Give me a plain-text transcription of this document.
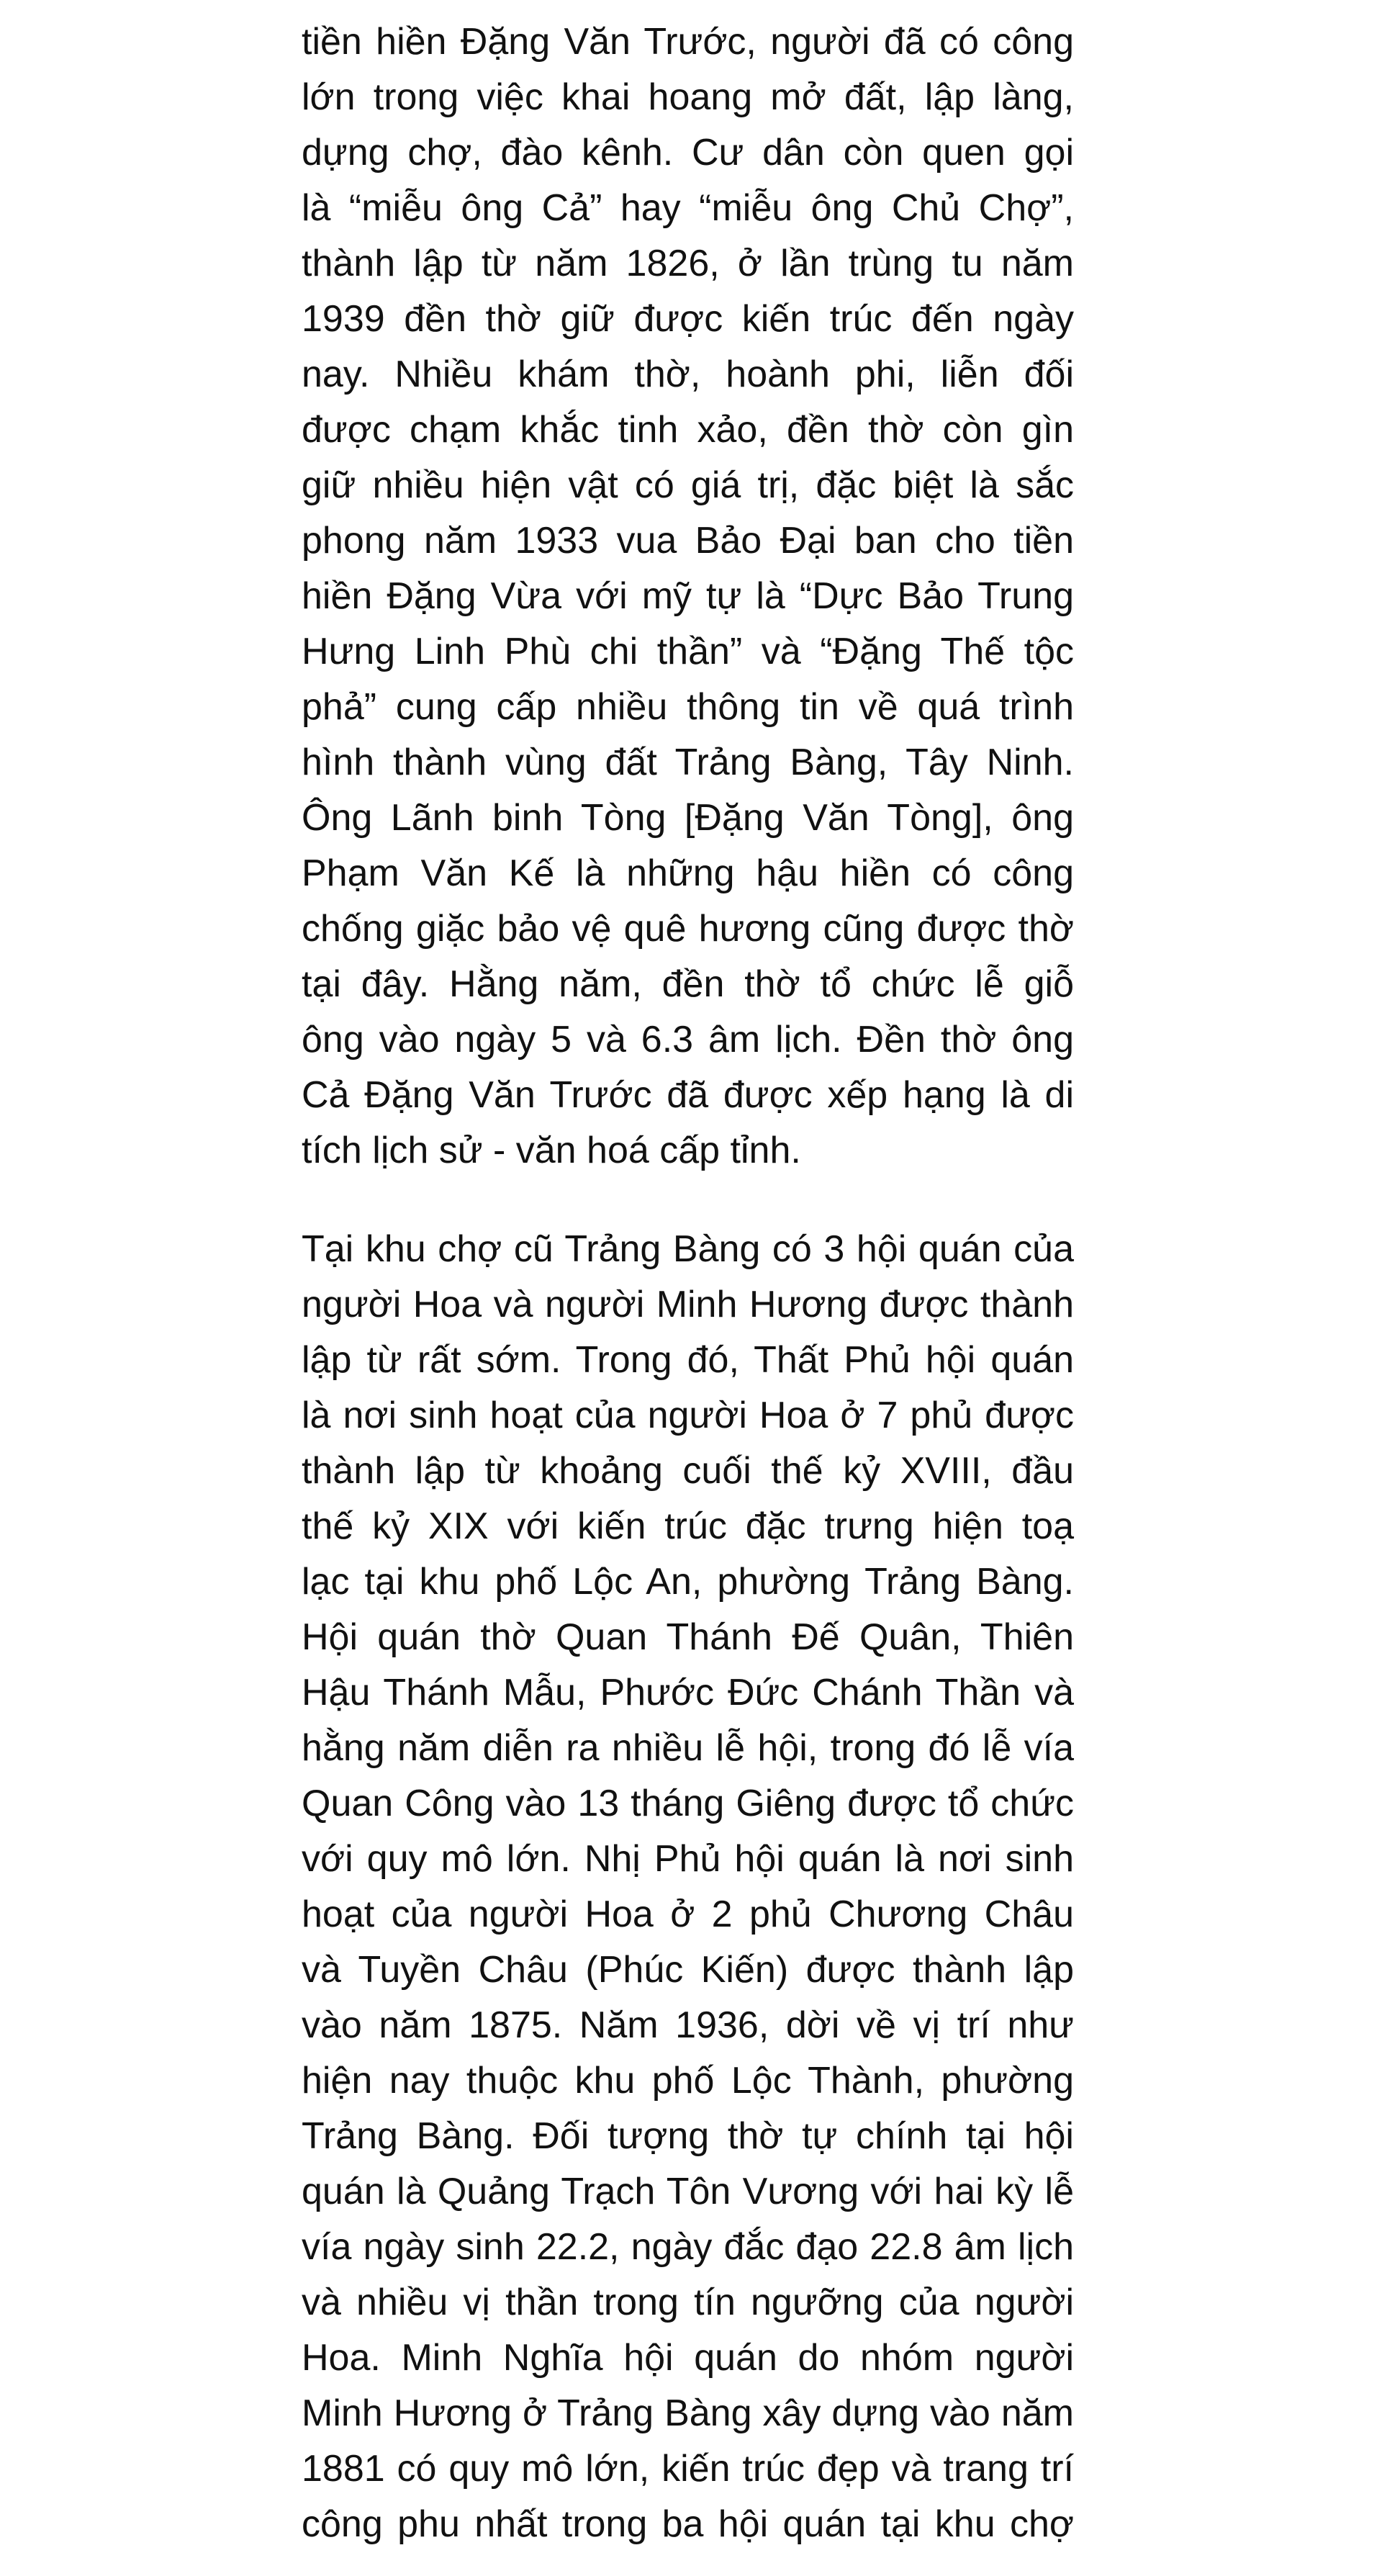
tiền hiền Đặng Văn Trước, người đã có công
lớn trong việc khai hoang mở đất, lập làng,
dựng chợ, đào kênh. Cư dân còn quen gọi
là “miễu ông Cả” hay “miễu ông Chủ Chợ”,
thành lập từ năm 1826, ở lần trùng tu năm
1939 đền thờ giữ được kiến trúc đến ngày
nay. Nhiều khám thờ, hoành phi, liễn đối
được chạm khắc tinh xảo, đền thờ còn gìn
giữ nhiều hiện vật có giá trị, đặc biệt là sắc
phong năm 1933 vua Bảo Đại ban cho tiền
hiền Đặng Vừa với mỹ tự là “Dực Bảo Trung
Hưng Linh Phù chi thần” và “Đặng Thế tộc
phả” cung cấp nhiều thông tin về quá trình
hình thành vùng đất Trảng Bàng, Tây Ninh.
Ông Lãnh binh Tòng [Đặng Văn Tòng], ông
Phạm Văn Kế là những hậu hiền có công
chống giặc bảo vệ quê hương cũng được thờ
tại đây. Hằng năm, đền thờ tổ chức lễ giỗ
ông vào ngày 5 và 6.3 âm lịch. Đền thờ ông
Cả Đặng Văn Trước đã được xếp hạng là di
tích lịch sử - văn hoá cấp tỉnh.
Tại khu chợ cũ Trảng Bàng có 3 hội quán của
người Hoa và người Minh Hương được thành
lập từ rất sớm. Trong đó, Thất Phủ hội quán
là nơi sinh hoạt của người Hoa ở 7 phủ được
thành lập từ khoảng cuối thế kỷ XVIII, đầu
thế kỷ XIX với kiến trúc đặc trưng hiện toạ
lạc tại khu phố Lộc An, phường Trảng Bàng.
Hội quán thờ Quan Thánh Đế Quân, Thiên
Hậu Thánh Mẫu, Phước Đức Chánh Thần và
hằng năm diễn ra nhiều lễ hội, trong đó lễ vía
Quan Công vào 13 tháng Giêng được tổ chức
với quy mô lớn. Nhị Phủ hội quán là nơi sinh
hoạt của người Hoa ở 2 phủ Chương Châu
và Tuyền Châu (Phúc Kiến) được thành lập
vào năm 1875. Năm 1936, dời về vị trí như
hiện nay thuộc khu phố Lộc Thành, phường
Trảng Bàng. Đối tượng thờ tự chính tại hội
quán là Quảng Trạch Tôn Vương với hai kỳ lễ
vía ngày sinh 22.2, ngày đắc đạo 22.8 âm lịch
và nhiều vị thần trong tín ngưỡng của người
Hoa. Minh Nghĩa hội quán do nhóm người
Minh Hương ở Trảng Bàng xây dựng vào năm
1881 có quy mô lớn, kiến trúc đẹp và trang trí
công phu nhất trong ba hội quán tại khu chợ
